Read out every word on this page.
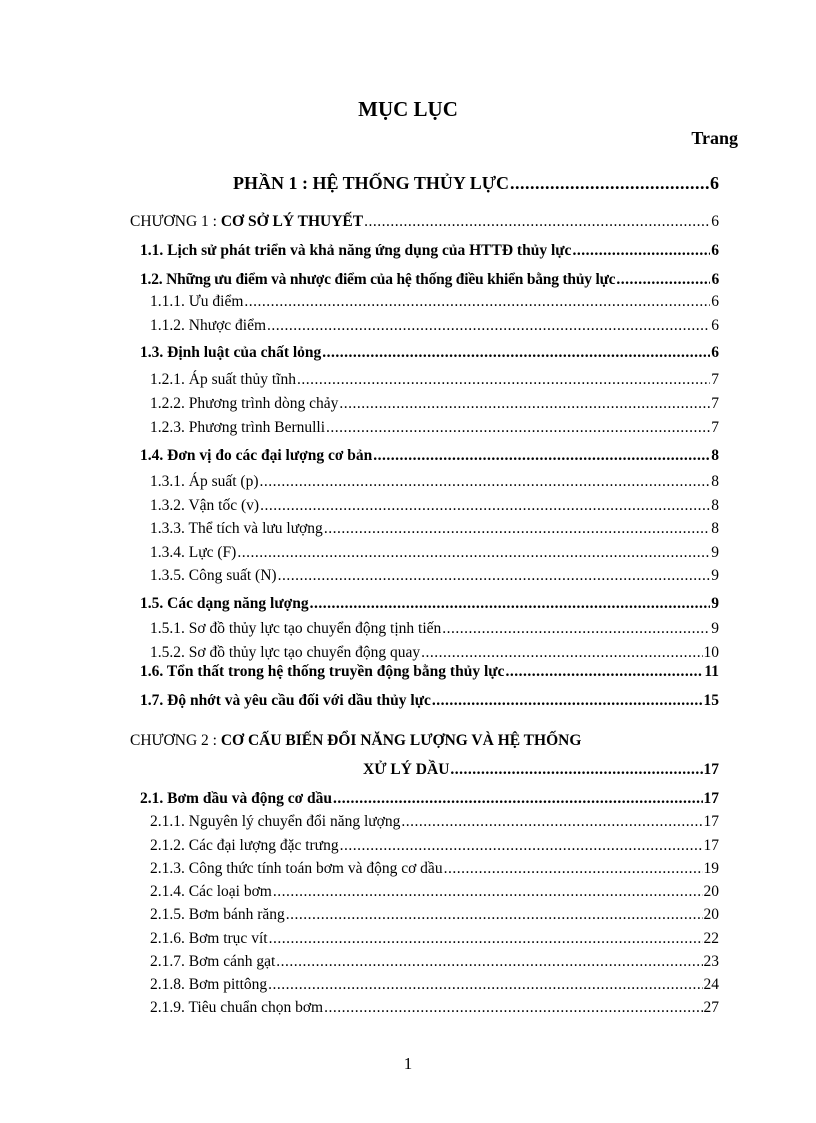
MỤC LỤC
Trang
PHẦN 1 : HỆ THỐNG THỦY LỰC .....	6
CHƯƠNG 1 : CƠ SỞ LÝ THUYẾT .....	6
1.1. Lịch sử phát triển và khả năng ứng dụng của HTTĐ thủy lực .....	6
1.2. Những ưu điểm và nhược điểm của hệ thống điều khiển bằng thủy lực .....	6
1.1.1. Ưu điểm .....	6
1.1.2. Nhược điểm .....	6
1.3. Định luật của chất lỏng .....	6
1.2.1. Áp suất thủy tĩnh .....	7
1.2.2. Phương trình dòng chảy .....	7
1.2.3. Phương trình Bernulli .....	7
1.4. Đơn vị đo các đại lượng cơ bản .....	8
1.3.1. Áp suất (p) .....	8
1.3.2. Vận tốc (v) .....	8
1.3.3. Thể tích và lưu lượng .....	8
1.3.4. Lực (F) .....	9
1.3.5. Công suất (N) .....	9
1.5. Các dạng năng lượng .....	9
1.5.1. Sơ đồ thủy lực tạo chuyển động tịnh tiến .....	9
1.5.2. Sơ đồ thủy lực tạo chuyển động quay .....	10
1.6. Tổn thất trong hệ thống truyền động bằng thủy lực .....	11
1.7. Độ nhớt và yêu cầu đối với dầu thủy lực .....	15
CHƯƠNG 2 : CƠ CẤU BIẾN ĐỔI NĂNG LƯỢNG VÀ HỆ THỐNG
XỬ LÝ DẦU .....	17
2.1. Bơm dầu và động cơ dầu .....	17
2.1.1. Nguyên lý chuyển đổi năng lượng .....	17
2.1.2. Các đại lượng đặc trưng .....	17
2.1.3. Công thức tính toán bơm và động cơ dầu .....	19
2.1.4. Các loại bơm .....	20
2.1.5. Bơm bánh răng .....	20
2.1.6. Bơm trục vít .....	22
2.1.7. Bơm cánh gạt .....	23
2.1.8. Bơm pittông .....	24
2.1.9. Tiêu chuẩn chọn bơm .....	27
1
